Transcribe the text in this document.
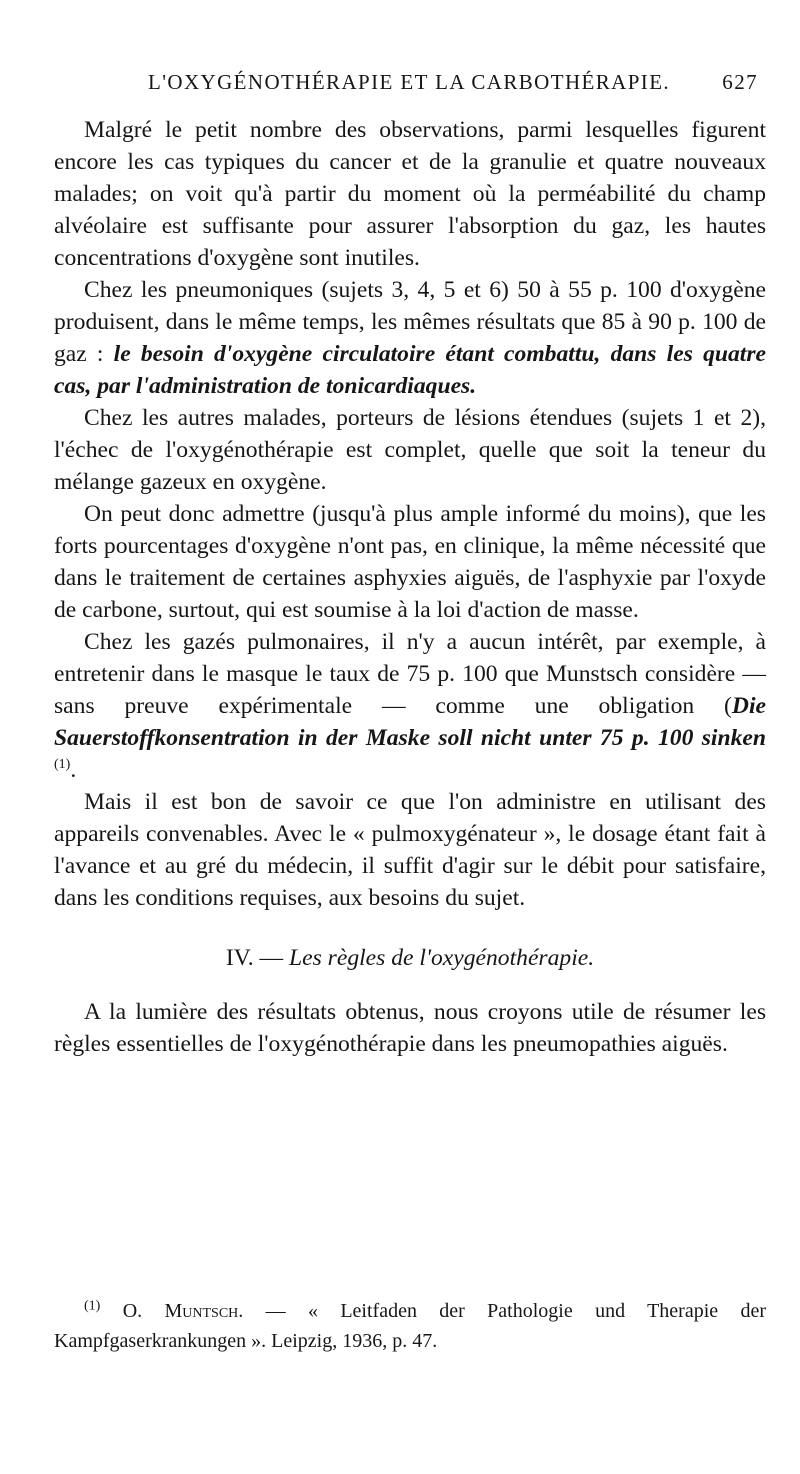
L'OXYGÉNOTHÉRAPIE ET LA CARBOTHÉRAPIE. 627

Malgré le petit nombre des observations, parmi lesquelles figurent encore les cas typiques du cancer et de la granulie et quatre nouveaux malades; on voit qu'à partir du moment où la perméabilité du champ alvéolaire est suffisante pour assurer l'absorption du gaz, les hautes concentrations d'oxygène sont inutiles.

Chez les pneumoniques (sujets 3, 4, 5 et 6) 50 à 55 p. 100 d'oxygène produisent, dans le même temps, les mêmes résultats que 85 à 90 p. 100 de gaz : le besoin d'oxygène circulatoire étant combattu, dans les quatre cas, par l'administration de tonicardiaques.

Chez les autres malades, porteurs de lésions étendues (sujets 1 et 2), l'échec de l'oxygénothérapie est complet, quelle que soit la teneur du mélange gazeux en oxygène.

On peut donc admettre (jusqu'à plus ample informé du moins), que les forts pourcentages d'oxygène n'ont pas, en clinique, la même nécessité que dans le traitement de certaines asphyxies aiguës, de l'asphyxie par l'oxyde de carbone, surtout, qui est soumise à la loi d'action de masse.

Chez les gazés pulmonaires, il n'y a aucun intérêt, par exemple, à entretenir dans le masque le taux de 75 p. 100 que Munstsch considère — sans preuve expérimentale — comme une obligation (Die Sauerstoffkonsentration in der Maske soll nicht unter 75 p. 100 sinken $^{(1)}$.

Mais il est bon de savoir ce que l'on administre en utilisant des appareils convenables. Avec le « pulmoxygénateur », le dosage étant fait à l'avance et au gré du médecin, il suffit d'agir sur le débit pour satisfaire, dans les conditions requises, aux besoins du sujet.

IV. — Les règles de l'oxygénothérapie.

A la lumière des résultats obtenus, nous croyons utile de résumer les règles essentielles de l'oxygénothérapie dans les pneumopathies aiguës.

$^{(1)}$ O. Muntsch. — « Leitfaden der Pathologie und Therapie der Kampfgaserkrankungen ». Leipzig, 1936, p. 47.
